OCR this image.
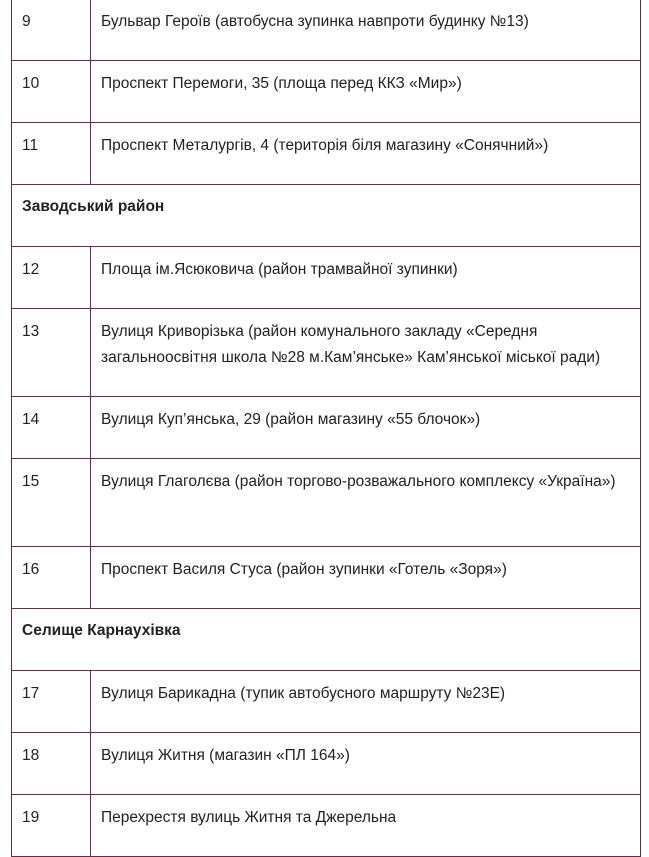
9	Бульвар Героїв (автобусна зупинка навпроти будинку №13)
10	Проспект Перемоги, 35 (площа перед ККЗ «Мир»)
11	Проспект Металургів, 4 (територія біля магазину «Сонячний»)
Заводський район	
12	Площа ім.Ясюковича (район трамвайної зупинки)
13	Вулиця Криворізька (район комунального закладу «Середня загальноосвітня школа №28 м.Кам’янське» Кам’янської міської ради)
14	Вулиця Куп’янська, 29 (район магазину «55 блочок»)
15	Вулиця Глаголєва (район торгово-розважального комплексу «Україна»)
16	Проспект Василя Стуса (район зупинки «Готель «Зоря»)
Селище Карнаухівка	
17	Вулиця Барикадна (тупик автобусного маршруту №23Е)
18	Вулиця Житня (магазин «ПЛ 164»)
19	Перехрестя вулиць Житня та Джерельна
